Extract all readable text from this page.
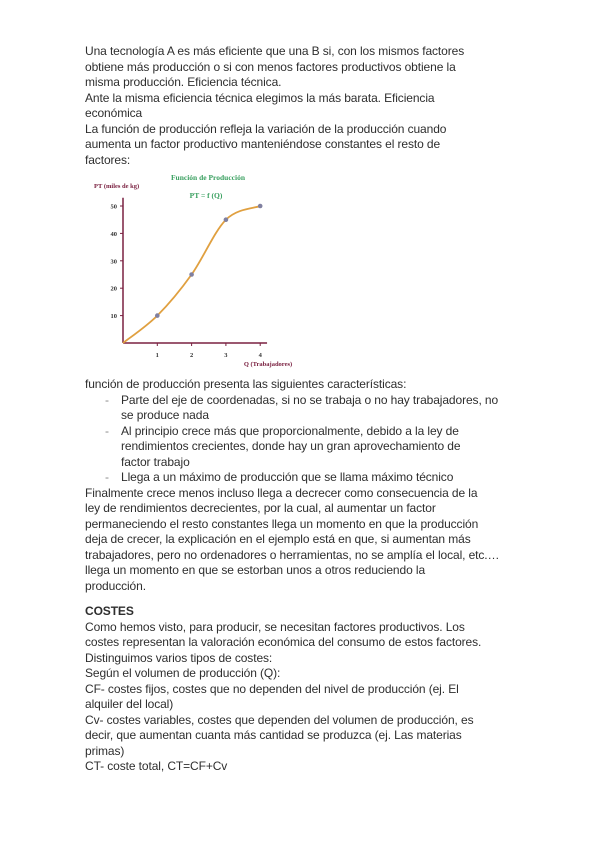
Una tecnología A es más eficiente que una B si, con los mismos factores
obtiene más producción o si con menos factores productivos obtiene la
misma producción. Eficiencia técnica.
Ante la misma eficiencia técnica elegimos la más barata. Eficiencia
económica
La función de producción refleja la variación de la producción cuando
aumenta un factor productivo manteniéndose constantes el resto de
factores:
Función de Producción
PT = f (Q)
PT (miles de kg)
Q (Trabajadores)
10
20
30
40
50
1	2	3	4
función de producción presenta las siguientes características:
- Parte del eje de coordenadas, si no se trabaja o no hay trabajadores, no
se produce nada
- Al principio crece más que proporcionalmente, debido a la ley de
rendimientos crecientes, donde hay un gran aprovechamiento de
factor trabajo
- Llega a un máximo de producción que se llama máximo técnico
Finalmente crece menos incluso llega a decrecer como consecuencia de la
ley de rendimientos decrecientes, por la cual, al aumentar un factor
permaneciendo el resto constantes llega un momento en que la producción
deja de crecer, la explicación en el ejemplo está en que, si aumentan más
trabajadores, pero no ordenadores o herramientas, no se amplía el local, etc.…
llega un momento en que se estorban unos a otros reduciendo la
producción.
COSTES
Como hemos visto, para producir, se necesitan factores productivos. Los
costes representan la valoración económica del consumo de estos factores.
Distinguimos varios tipos de costes:
Según el volumen de producción (Q):
CF- costes fijos, costes que no dependen del nivel de producción (ej. El
alquiler del local)
Cv- costes variables, costes que dependen del volumen de producción, es
decir, que aumentan cuanta más cantidad se produzca (ej. Las materias
primas)
CT- coste total, CT=CF+Cv
